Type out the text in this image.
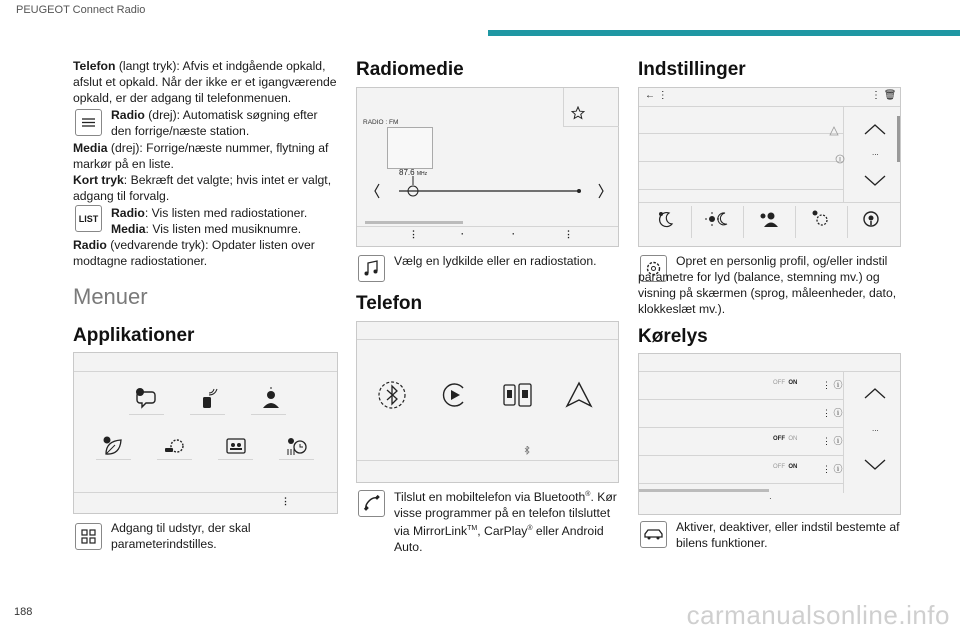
PEUGEOT Connect Radio
188	carmanualsonline.info
Telefon (langt tryk): Afvis et indgående opkald, afslut et opkald. Når der ikke er et igangværende opkald, er der adgang til telefonmenuen.
Radio (drej): Automatisk søgning efter den forrige/næste station.
Media (drej): Forrige/næste nummer, flytning af markør på en liste.
Kort tryk: Bekræft det valgte; hvis intet er valgt, adgang til forvalg.
LIST Radio: Vis listen med radiostationer.
Media: Vis listen med musiknumre.
Radio (vedvarende tryk): Opdater listen over modtagne radiostationer.
Menuer
Applikationer
⋮
Adgang til udstyr, der skal parameterindstilles.
Radiomedie
RADIO : FM
87.6 MHz
⋮	·	·	⋮
Vælg en lydkilde eller en radiostation.
Telefon
Tilslut en mobiltelefon via Bluetooth®. Kør visse programmer på en telefon tilsluttet via MirrorLink™, CarPlay® eller Android Auto.
Indstillinger
← ⋮	⋮ 🗑
...
Opret en personlig profil, og/eller indstil parametre for lyd (balance, stemning mv.) og visning på skærmen (sprog, måleenheder, dato, klokkeslæt mv.).
Kørelys
OFF ON
OFF ON
OFF ON
⋮ ⓘ
⋮ ⓘ
⋮ ⓘ
⋮ ⓘ
...
·
Aktiver, deaktiver, eller indstil bestemte af bilens funktioner.
